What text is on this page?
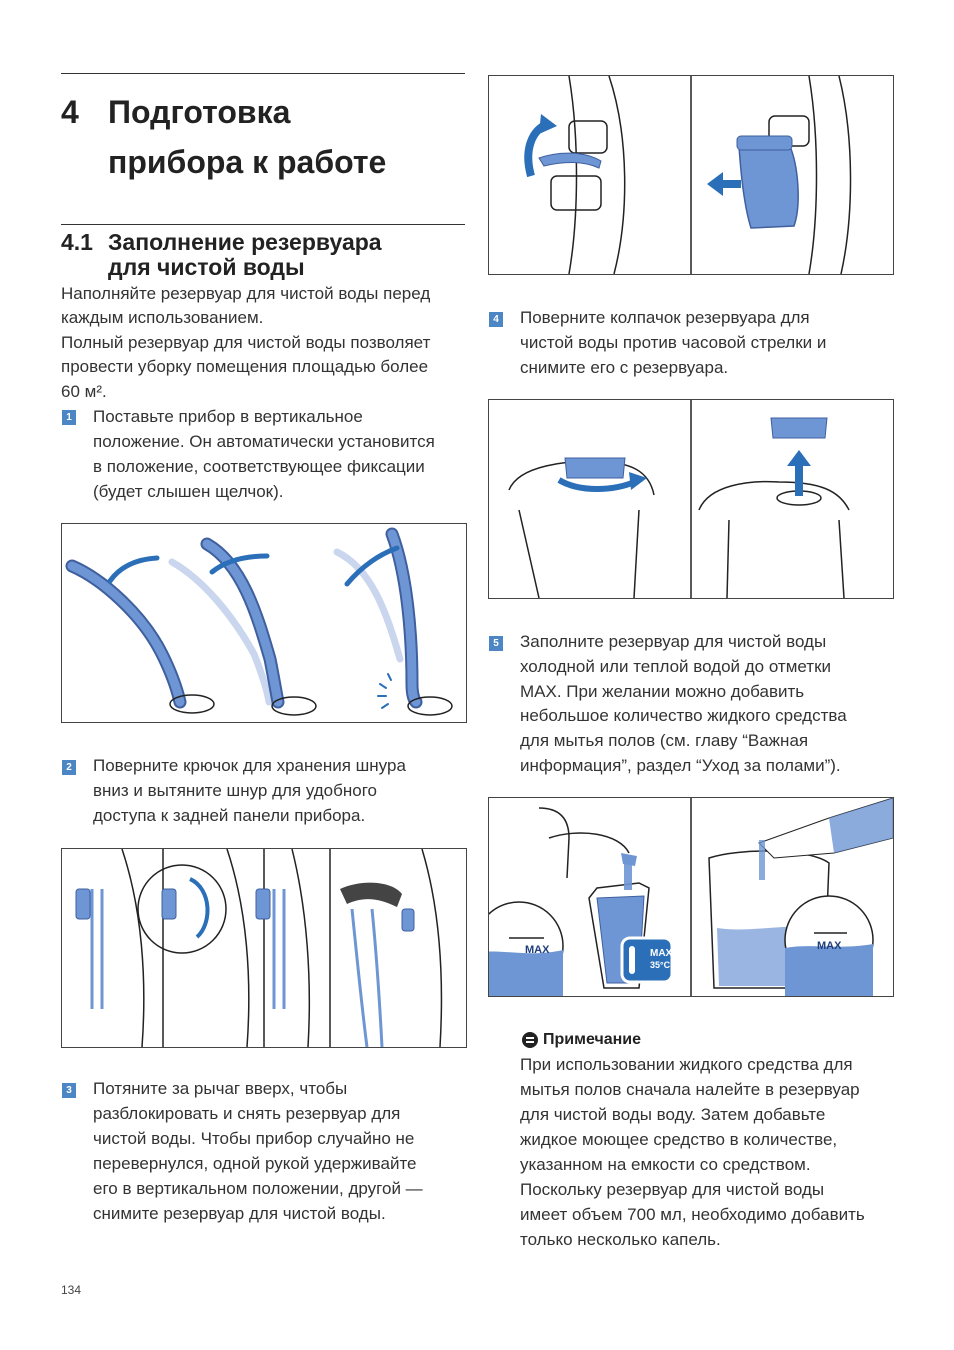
4 Подготовка
прибора к работе
4.1 Заполнение резервуара
для чистой воды

Наполняйте резервуар для чистой воды перед

каждым использованием.

Полный резервуар для чистой воды позволяет

провести уборку помещения площадью более

60 м².

1 Поставьте прибор в вертикальное

положение. Он автоматически установится

в положение, соответствующее фиксации

(будет слышен щелчок).

2 Поверните крючок для хранения шнура

вниз и вытяните шнур для удобного

доступа к задней панели прибора.

3 Потяните за рычаг вверх, чтобы

разблокировать и снять резервуар для

чистой воды. Чтобы прибор случайно не

перевернулся, одной рукой удерживайте

его в вертикальном положении, другой —

снимите резервуар для чистой воды.

134
4 Поверните колпачок резервуара для

чистой воды против часовой стрелки и

снимите его с резервуара.

5 Заполните резервуар для чистой воды

холодной или теплой водой до отметки

MAX. При желании можно добавить

небольшое количество жидкого средства

для мытья полов (см. главу “Важная

информация”, раздел “Уход за полами”).

MAX	MAX
35°C
MAX
Примечание

При использовании жидкого средства для

мытья полов сначала налейте в резервуар

для чистой воды воду. Затем добавьте

жидкое моющее средство в количестве,

указанном на емкости со средством.

Поскольку резервуар для чистой воды

имеет объем 700 мл, необходимо добавить

только несколько капель.
